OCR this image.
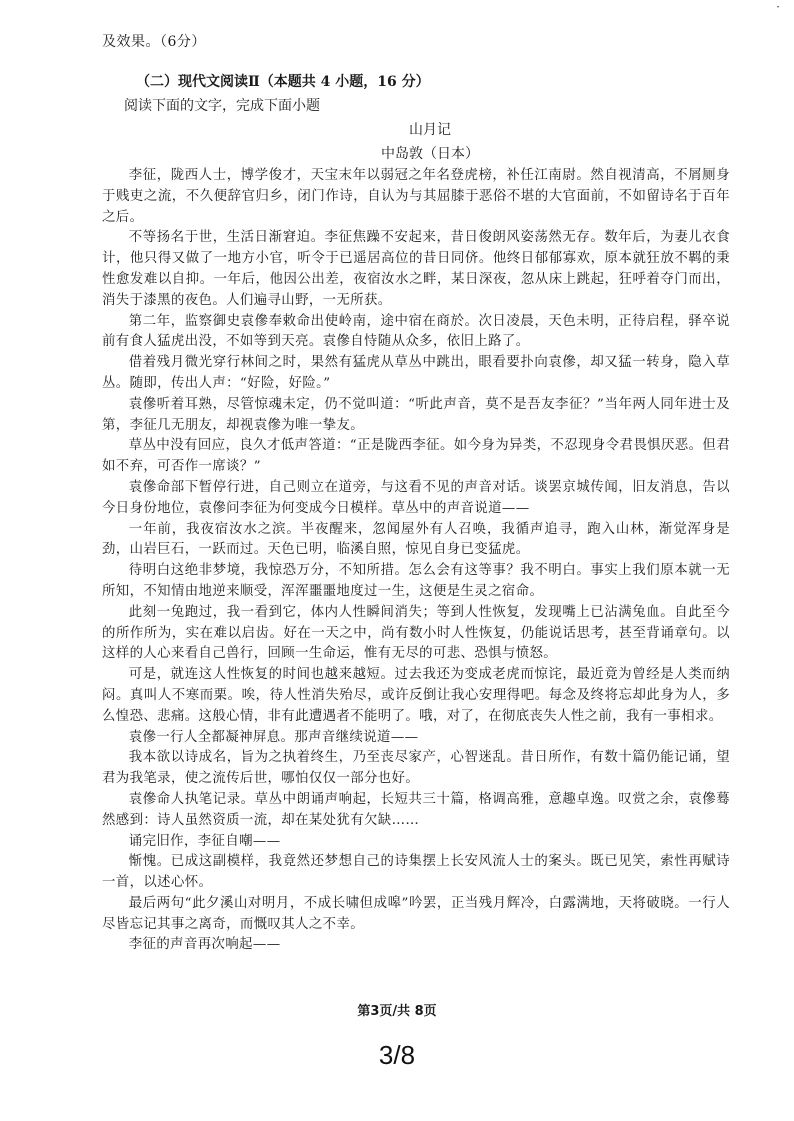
·
及效果。（6分）
（二）现代文阅读Ⅱ（本题共 4 小题，16 分）
阅读下面的文字，完成下面小题
山月记
中岛敦（日本）

李征，陇西人士，博学俊才，天宝末年以弱冠之年名登虎榜，补任江南尉。然自视清高，不屑厕身于贱吏之流，不久便辞官归乡，闭门作诗，自认为与其屈膝于恶俗不堪的大官面前，不如留诗名于百年之后。

不等扬名于世，生活日渐窘迫。李征焦躁不安起来，昔日俊朗风姿荡然无存。数年后，为妻儿衣食计，他只得又做了一地方小官，听令于已遥居高位的昔日同侪。他终日郁郁寡欢，原本就狂放不羁的秉性愈发难以自抑。一年后，他因公出差，夜宿汝水之畔，某日深夜，忽从床上跳起，狂呼着夺门而出，消失于漆黑的夜色。人们遍寻山野，一无所获。

第二年，监察御史袁傪奉敕命出使岭南，途中宿在商於。次日凌晨，天色未明，正待启程，驿卒说前有食人猛虎出没，不如等到天亮。袁傪自恃随从众多，依旧上路了。

借着残月微光穿行林间之时，果然有猛虎从草丛中跳出，眼看要扑向袁傪，却又猛一转身，隐入草丛。随即，传出人声：“好险，好险。”

袁傪听着耳熟，尽管惊魂未定，仍不觉叫道：“听此声音，莫不是吾友李征？”当年两人同年进士及第，李征几无朋友，却视袁傪为唯一挚友。

草丛中没有回应，良久才低声答道：“正是陇西李征。如今身为异类，不忍现身令君畏惧厌恶。但君如不弃，可否作一席谈？”

袁傪命部下暂停行进，自己则立在道旁，与这看不见的声音对话。谈罢京城传闻，旧友消息，告以今日身份地位，袁傪问李征为何变成今日模样。草丛中的声音说道——

一年前，我夜宿汝水之滨。半夜醒来，忽闻屋外有人召唤，我循声追寻，跑入山林，渐觉浑身是劲，山岩巨石，一跃而过。天色已明，临溪自照，惊见自身已变猛虎。

待明白这绝非梦境，我惊恐万分，不知所措。怎么会有这等事？我不明白。事实上我们原本就一无所知，不知情由地逆来顺受，浑浑噩噩地度过一生，这便是生灵之宿命。

此刻一兔跑过，我一看到它，体内人性瞬间消失；等到人性恢复，发现嘴上已沾满兔血。自此至今的所作所为，实在难以启齿。好在一天之中，尚有数小时人性恢复，仍能说话思考，甚至背诵章句。以这样的人心来看自己兽行，回顾一生命运，惟有无尽的可悲、恐惧与愤怒。

可是，就连这人性恢复的时间也越来越短。过去我还为变成老虎而惊诧，最近竟为曾经是人类而纳闷。真叫人不寒而栗。唉，待人性消失殆尽，或许反倒让我心安理得吧。每念及终将忘却此身为人，多么惶恐、悲痛。这般心情，非有此遭遇者不能明了。哦，对了，在彻底丧失人性之前，我有一事相求。

袁傪一行人全都凝神屏息。那声音继续说道——

我本欲以诗成名，旨为之执着终生，乃至丧尽家产，心智迷乱。昔日所作，有数十篇仍能记诵，望君为我笔录，使之流传后世，哪怕仅仅一部分也好。

袁傪命人执笔记录。草丛中朗诵声响起，长短共三十篇，格调高雅，意趣卓逸。叹赏之余，袁傪蓦然感到：诗人虽然资质一流，却在某处犹有欠缺……

诵完旧作，李征自嘲——

惭愧。已成这副模样，我竟然还梦想自己的诗集摆上长安风流人士的案头。既已见笑，索性再赋诗一首，以述心怀。

最后两句“此夕溪山对明月，不成长啸但成嗥”吟罢，正当残月辉冷，白露满地，天将破晓。一行人尽皆忘记其事之离奇，而慨叹其人之不幸。

李征的声音再次响起——

第3页/共 8页
3/8
